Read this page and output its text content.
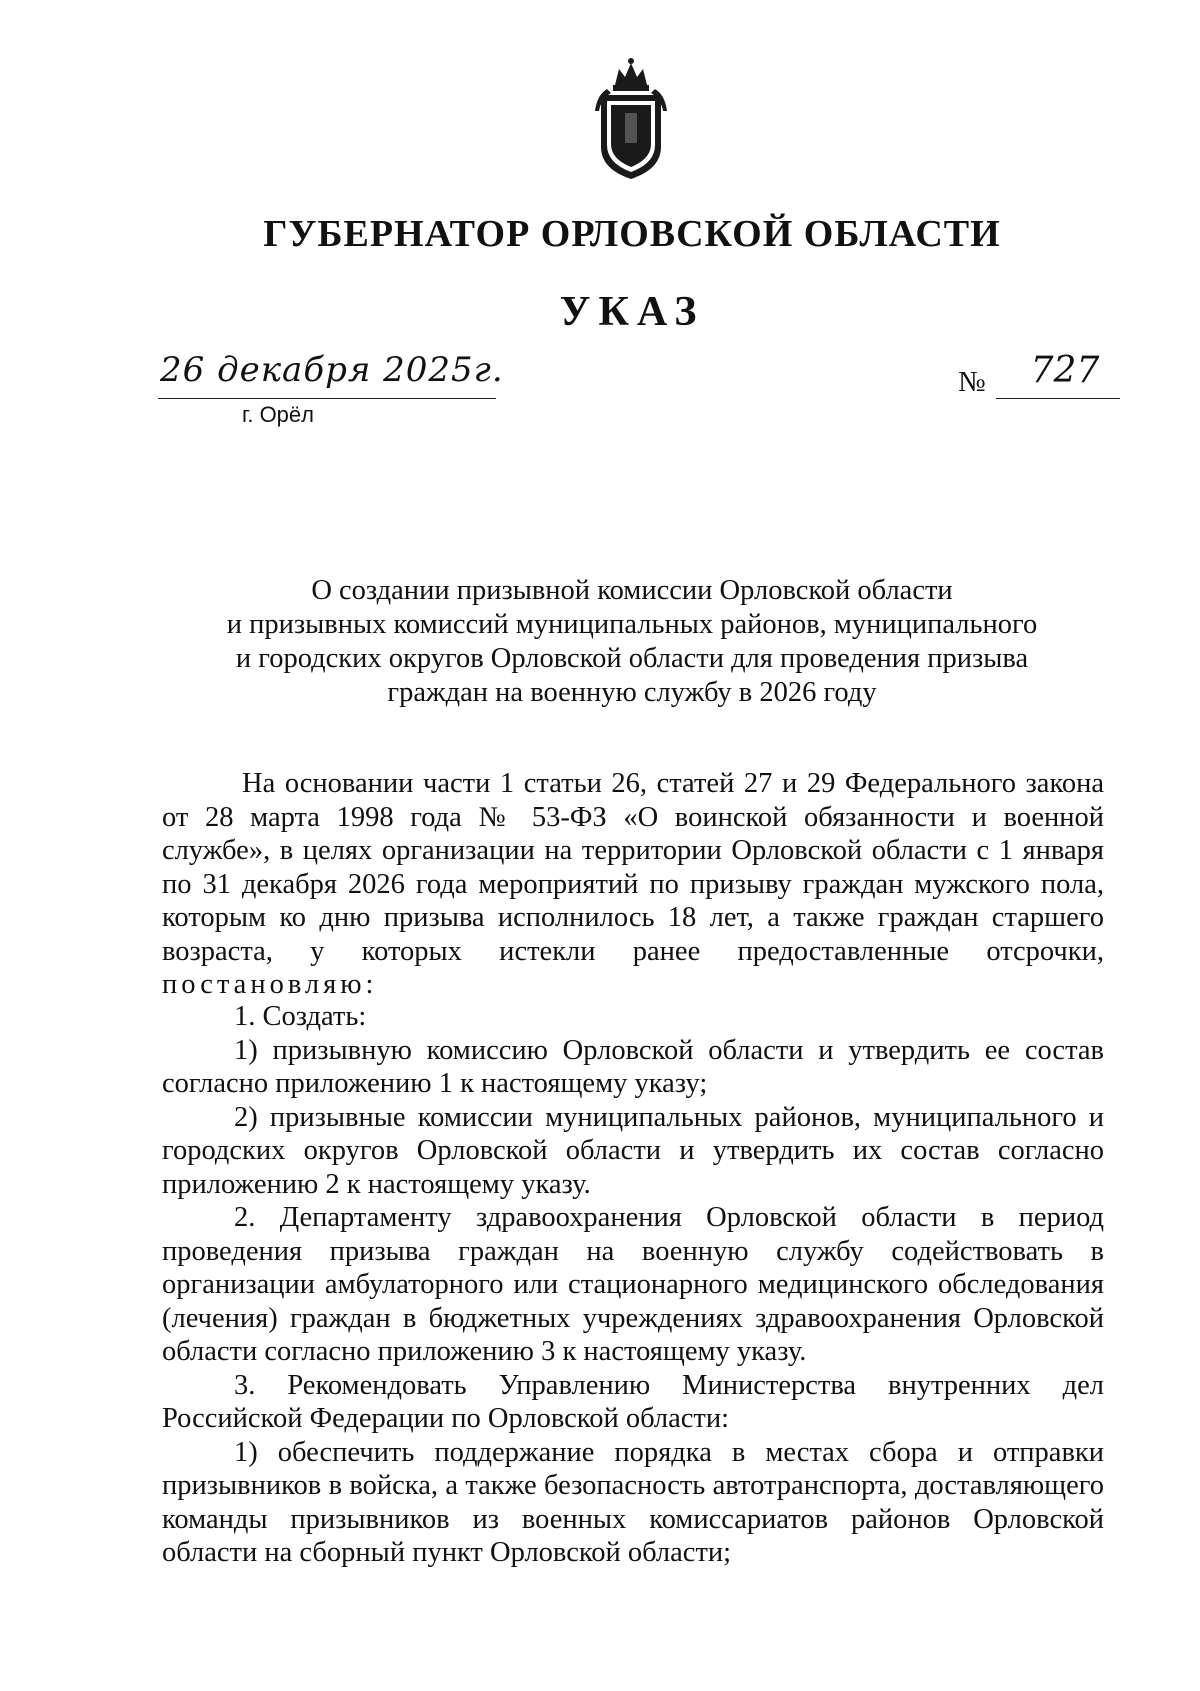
ГУБЕРНАТОР ОРЛОВСКОЙ ОБЛАСТИ
УКАЗ
26 декабря 2025г.
г. Орёл
№	727
О создании призывной комиссии Орловской области
и призывных комиссий муниципальных районов, муниципального
и городских округов Орловской области для проведения призыва
граждан на военную службу в 2026 году

На основании части 1 статьи 26, статей 27 и 29 Федерального закона от 28 марта 1998 года № 53-ФЗ «О воинской обязанности и военной службе», в целях организации на территории Орловской области с 1 января по 31 декабря 2026 года мероприятий по призыву граждан мужского пола, которым ко дню призыва исполнилось 18 лет, а также граждан старшего возраста, у которых истекли ранее предоставленные отсрочки, постановляю:

1. Создать:

1) призывную комиссию Орловской области и утвердить ее состав согласно приложению 1 к настоящему указу;

2) призывные комиссии муниципальных районов, муниципального и городских округов Орловской области и утвердить их состав согласно приложению 2 к настоящему указу.

2. Департаменту здравоохранения Орловской области в период проведения призыва граждан на военную службу содействовать в организации амбулаторного или стационарного медицинского обследования (лечения) граждан в бюджетных учреждениях здравоохранения Орловской области согласно приложению 3 к настоящему указу.

3. Рекомендовать Управлению Министерства внутренних дел Российской Федерации по Орловской области:

1) обеспечить поддержание порядка в местах сбора и отправки призывников в войска, а также безопасность автотранспорта, доставляющего команды призывников из военных комиссариатов районов Орловской области на сборный пункт Орловской области;
